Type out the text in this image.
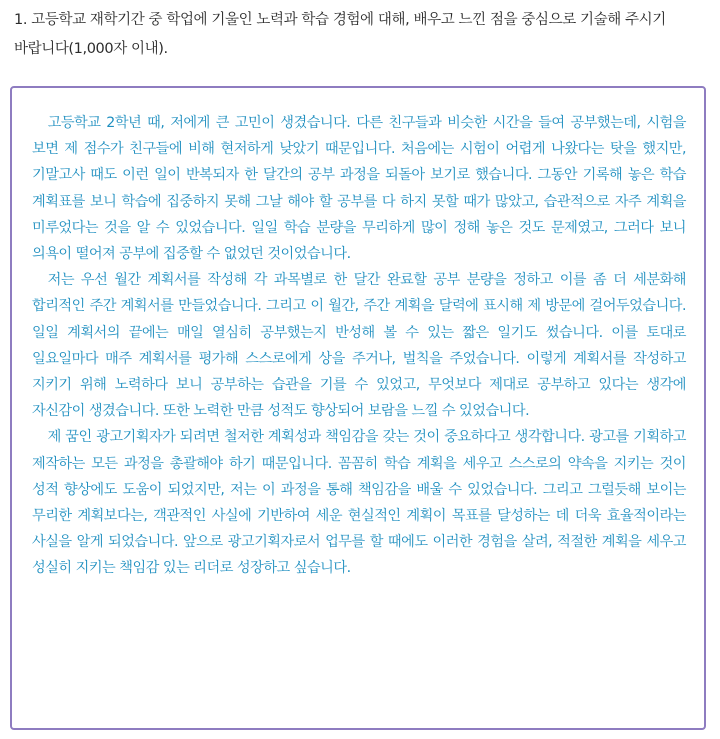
1. 고등학교 재학기간 중 학업에 기울인 노력과 학습 경험에 대해, 배우고 느낀 점을 중심으로 기술해 주시기 바랍니다(1,000자 이내).

고등학교 2학년 때, 저에게 큰 고민이 생겼습니다. 다른 친구들과 비슷한 시간을 들여 공부했는데, 시험을 보면 제 점수가 친구들에 비해 현저하게 낮았기 때문입니다. 처음에는 시험이 어렵게 나왔다는 탓을 했지만, 기말고사 때도 이런 일이 반복되자 한 달간의 공부 과정을 되돌아 보기로 했습니다. 그동안 기록해 놓은 학습 계획표를 보니 학습에 집중하지 못해 그날 해야 할 공부를 다 하지 못할 때가 많았고, 습관적으로 자주 계획을 미루었다는 것을 알 수 있었습니다. 일일 학습 분량을 무리하게 많이 정해 놓은 것도 문제였고, 그러다 보니 의욕이 떨어져 공부에 집중할 수 없었던 것이었습니다.

저는 우선 월간 계획서를 작성해 각 과목별로 한 달간 완료할 공부 분량을 정하고 이를 좀 더 세분화해 합리적인 주간 계획서를 만들었습니다. 그리고 이 월간, 주간 계획을 달력에 표시해 제 방문에 걸어두었습니다. 일일 계획서의 끝에는 매일 열심히 공부했는지 반성해 볼 수 있는 짧은 일기도 썼습니다. 이를 토대로 일요일마다 매주 계획서를 평가해 스스로에게 상을 주거나, 벌칙을 주었습니다. 이렇게 계획서를 작성하고 지키기 위해 노력하다 보니 공부하는 습관을 기를 수 있었고, 무엇보다 제대로 공부하고 있다는 생각에 자신감이 생겼습니다. 또한 노력한 만큼 성적도 향상되어 보람을 느낄 수 있었습니다.

제 꿈인 광고기획자가 되려면 철저한 계획성과 책임감을 갖는 것이 중요하다고 생각합니다. 광고를 기획하고 제작하는 모든 과정을 총괄해야 하기 때문입니다. 꼼꼼히 학습 계획을 세우고 스스로의 약속을 지키는 것이 성적 향상에도 도움이 되었지만, 저는 이 과정을 통해 책임감을 배울 수 있었습니다. 그리고 그럴듯해 보이는 무리한 계획보다는, 객관적인 사실에 기반하여 세운 현실적인 계획이 목표를 달성하는 데 더욱 효율적이라는 사실을 알게 되었습니다. 앞으로 광고기획자로서 업무를 할 때에도 이러한 경험을 살려, 적절한 계획을 세우고 성실히 지키는 책임감 있는 리더로 성장하고 싶습니다.
